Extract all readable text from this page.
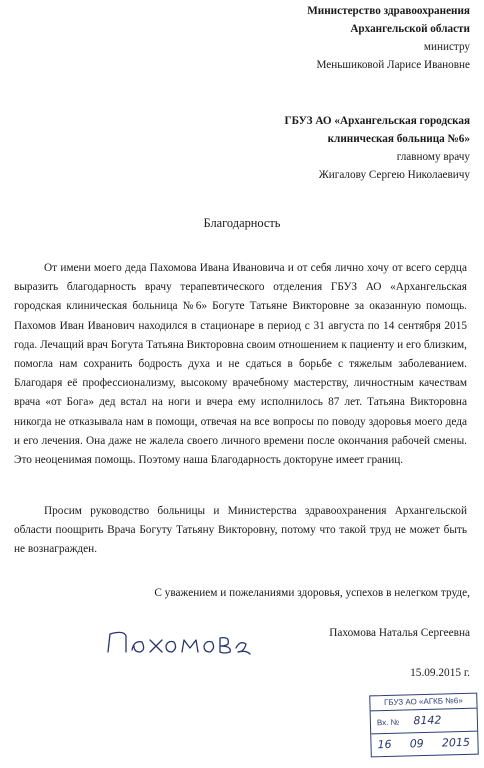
Министерство здравоохранения
Архангельской области
министру
Меньшиковой Ларисе Ивановне
ГБУЗ АО «Архангельская городская
клиническая больница №6»
главному врачу
Жигалову Сергею Николаевичу
Благодарность

От имени моего деда Пахомова Ивана Ивановича и от себя лично хочу от всего сердца выразить благодарность врачу терапевтического отделения ГБУЗ АО «Архангельская городская клиническая больница №6» Богуте Татьяне Викторовне за оказанную помощь. Пахомов Иван Иванович находился в стационаре в период с 31 августа по 14 сентября 2015 года. Лечащий врач Богута Татьяна Викторовна своим отношением к пациенту и его близким, помогла нам сохранить бодрость духа и не сдаться в борьбе с тяжелым заболеванием. Благодаря её профессионализму, высокому врачебному мастерству, личностным качествам врача «от Бога» дед встал на ноги и вчера ему исполнилось 87 лет. Татьяна Викторовна никогда не отказывала нам в помощи, отвечая на все вопросы по поводу здоровья моего деда и его лечения. Она даже не жалела своего личного времени после окончания рабочей смены. Это неоценимая помощь. Поэтому наша Благодарность докторуне имеет границ.

Просим руководство больницы и Министерства здравоохранения Архангельской области поощрить Врача Богуту Татьяну Викторовну, потому что такой труд не может быть не вознагражден.

С уважением и пожеланиями здоровья, успехов в нелегком труде,
Пахомова Наталья Сергеевна
15.09.2015 г.
ГБУЗ АО «АГКБ №6»
Вх. № 8142
16 09 2015
